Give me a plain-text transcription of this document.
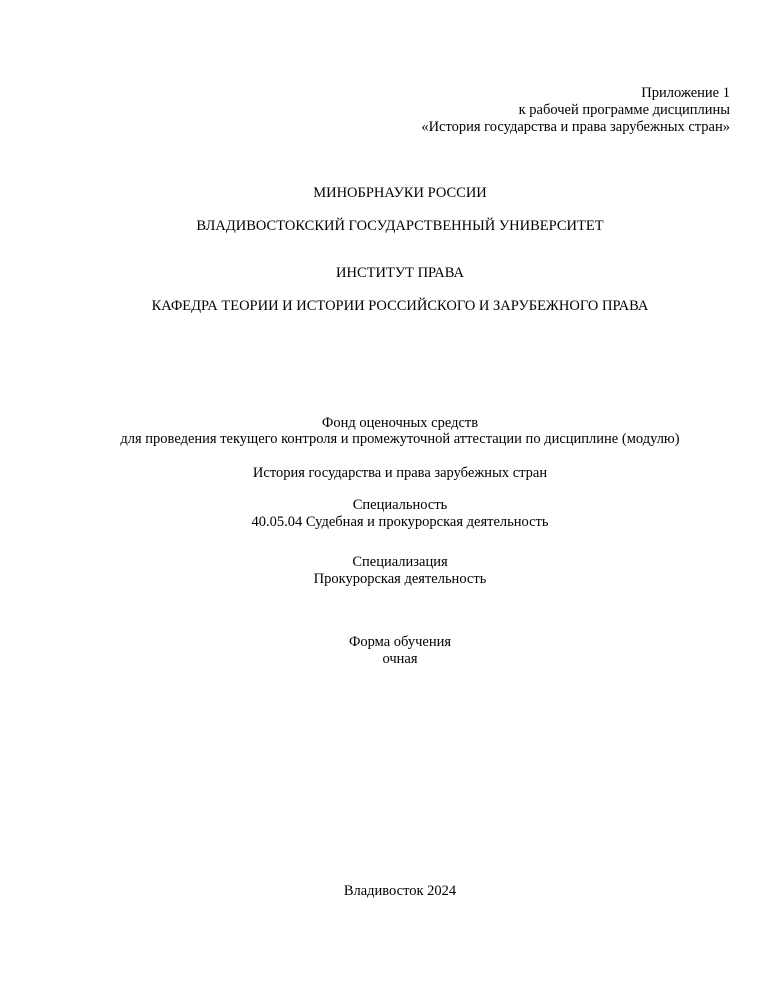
Приложение 1
к рабочей программе дисциплины
«История государства и права зарубежных стран»
МИНОБРНАУКИ РОССИИ
ВЛАДИВОСТОКСКИЙ ГОСУДАРСТВЕННЫЙ УНИВЕРСИТЕТ
ИНСТИТУТ ПРАВА
КАФЕДРА ТЕОРИИ И ИСТОРИИ РОССИЙСКОГО И ЗАРУБЕЖНОГО ПРАВА
Фонд оценочных средств
для проведения текущего контроля и промежуточной аттестации по дисциплине (модулю)
История государства и права зарубежных стран
Специальность
40.05.04 Судебная и прокурорская деятельность
Специализация
Прокурорская деятельность
Форма обучения
очная
Владивосток 2024
